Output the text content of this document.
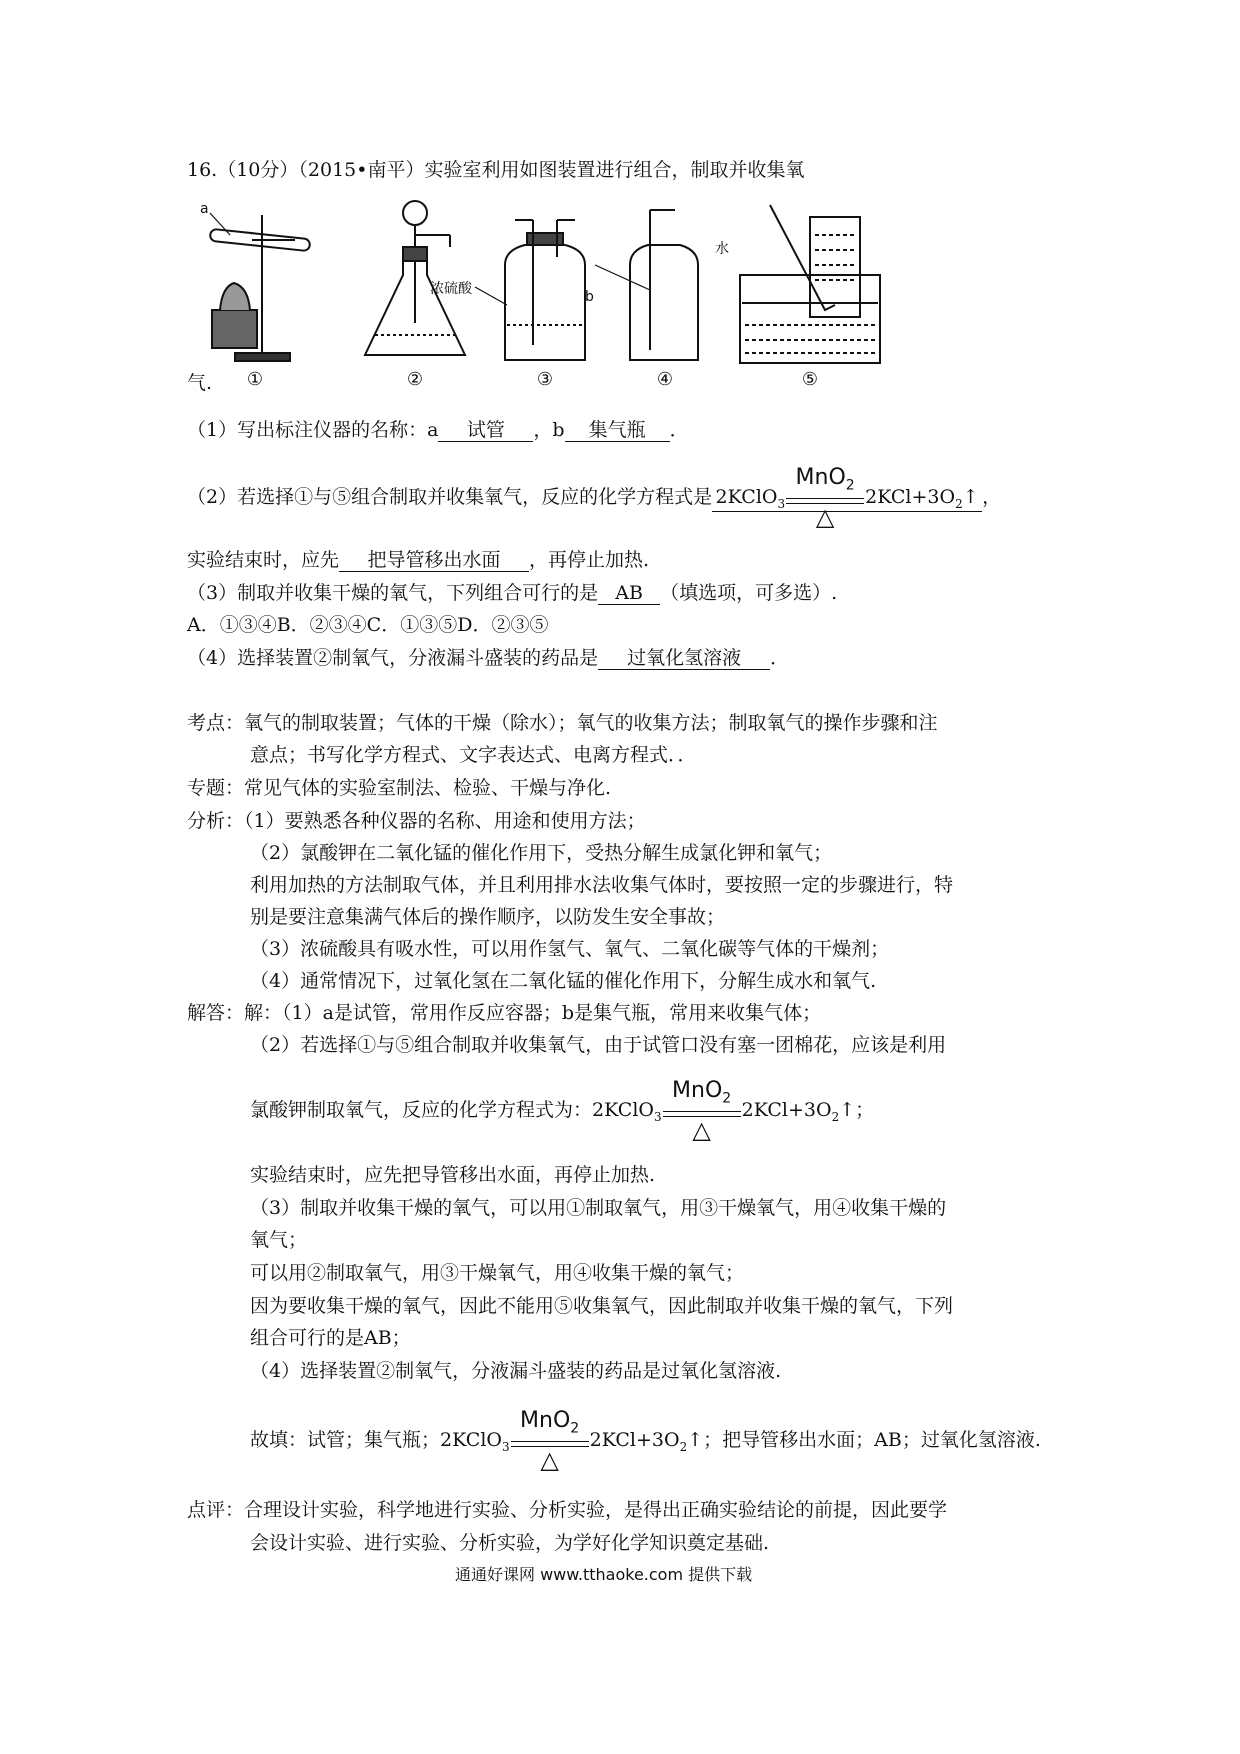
16.（10分）（2015•南平）实验室利用如图装置进行组合，制取并收集氧
a
b
浓硫酸
水
①	②	③	④	⑤
气.
（1）写出标注仪器的名称：a 试管 ，b 集气瓶 ．
（2）若选择①与⑤组合制取并收集氧气，反应的化学方程式是 2KClO$_3$
MnO$_2$
△
$2KCl+3O_2↑$ ，
实验结束时，应先 把导管移出水面 ，再停止加热.
（3）制取并收集干燥的氧气，下列组合可行的是 AB （填选项，可多选）.
A．①③④B．②③④C．①③⑤D．②③⑤
（4）选择装置②制氧气，分液漏斗盛装的药品是 过氧化氢溶液 ．
考点：氧气的制取装置；气体的干燥（除水）；氧气的收集方法；制取氧气的操作步骤和注
意点；书写化学方程式、文字表达式、电离方程式．．
专题：常见气体的实验室制法、检验、干燥与净化.
分析：（1）要熟悉各种仪器的名称、用途和使用方法；
（2）氯酸钾在二氧化锰的催化作用下，受热分解生成氯化钾和氧气；
利用加热的方法制取气体，并且利用排水法收集气体时，要按照一定的步骤进行，特
别是要注意集满气体后的操作顺序，以防发生安全事故；
（3）浓硫酸具有吸水性，可以用作氢气、氧气、二氧化碳等气体的干燥剂；
（4）通常情况下，过氧化氢在二氧化锰的催化作用下，分解生成水和氧气.
解答：解：（1）a是试管，常用作反应容器；b是集气瓶，常用来收集气体；
（2）若选择①与⑤组合制取并收集氧气，由于试管口没有塞一团棉花，应该是利用
氯酸钾制取氧气，反应的化学方程式为：2KClO$_3$
MnO$_2$
△
$2KCl+3O_2↑$；
实验结束时，应先把导管移出水面，再停止加热.
（3）制取并收集干燥的氧气，可以用①制取氧气，用③干燥氧气，用④收集干燥的
氧气；
可以用②制取氧气，用③干燥氧气，用④收集干燥的氧气；
因为要收集干燥的氧气，因此不能用⑤收集氧气，因此制取并收集干燥的氧气，下列
组合可行的是AB；
（4）选择装置②制氧气，分液漏斗盛装的药品是过氧化氢溶液.
故填：试管；集气瓶；2KClO$_3$
MnO$_2$
△
$2KCl+3O_2↑$；把导管移出水面；AB；过氧化氢溶液.
点评：合理设计实验，科学地进行实验、分析实验，是得出正确实验结论的前提，因此要学
会设计实验、进行实验、分析实验，为学好化学知识奠定基础.
通通好课网 www.tthaoke.com 提供下载
